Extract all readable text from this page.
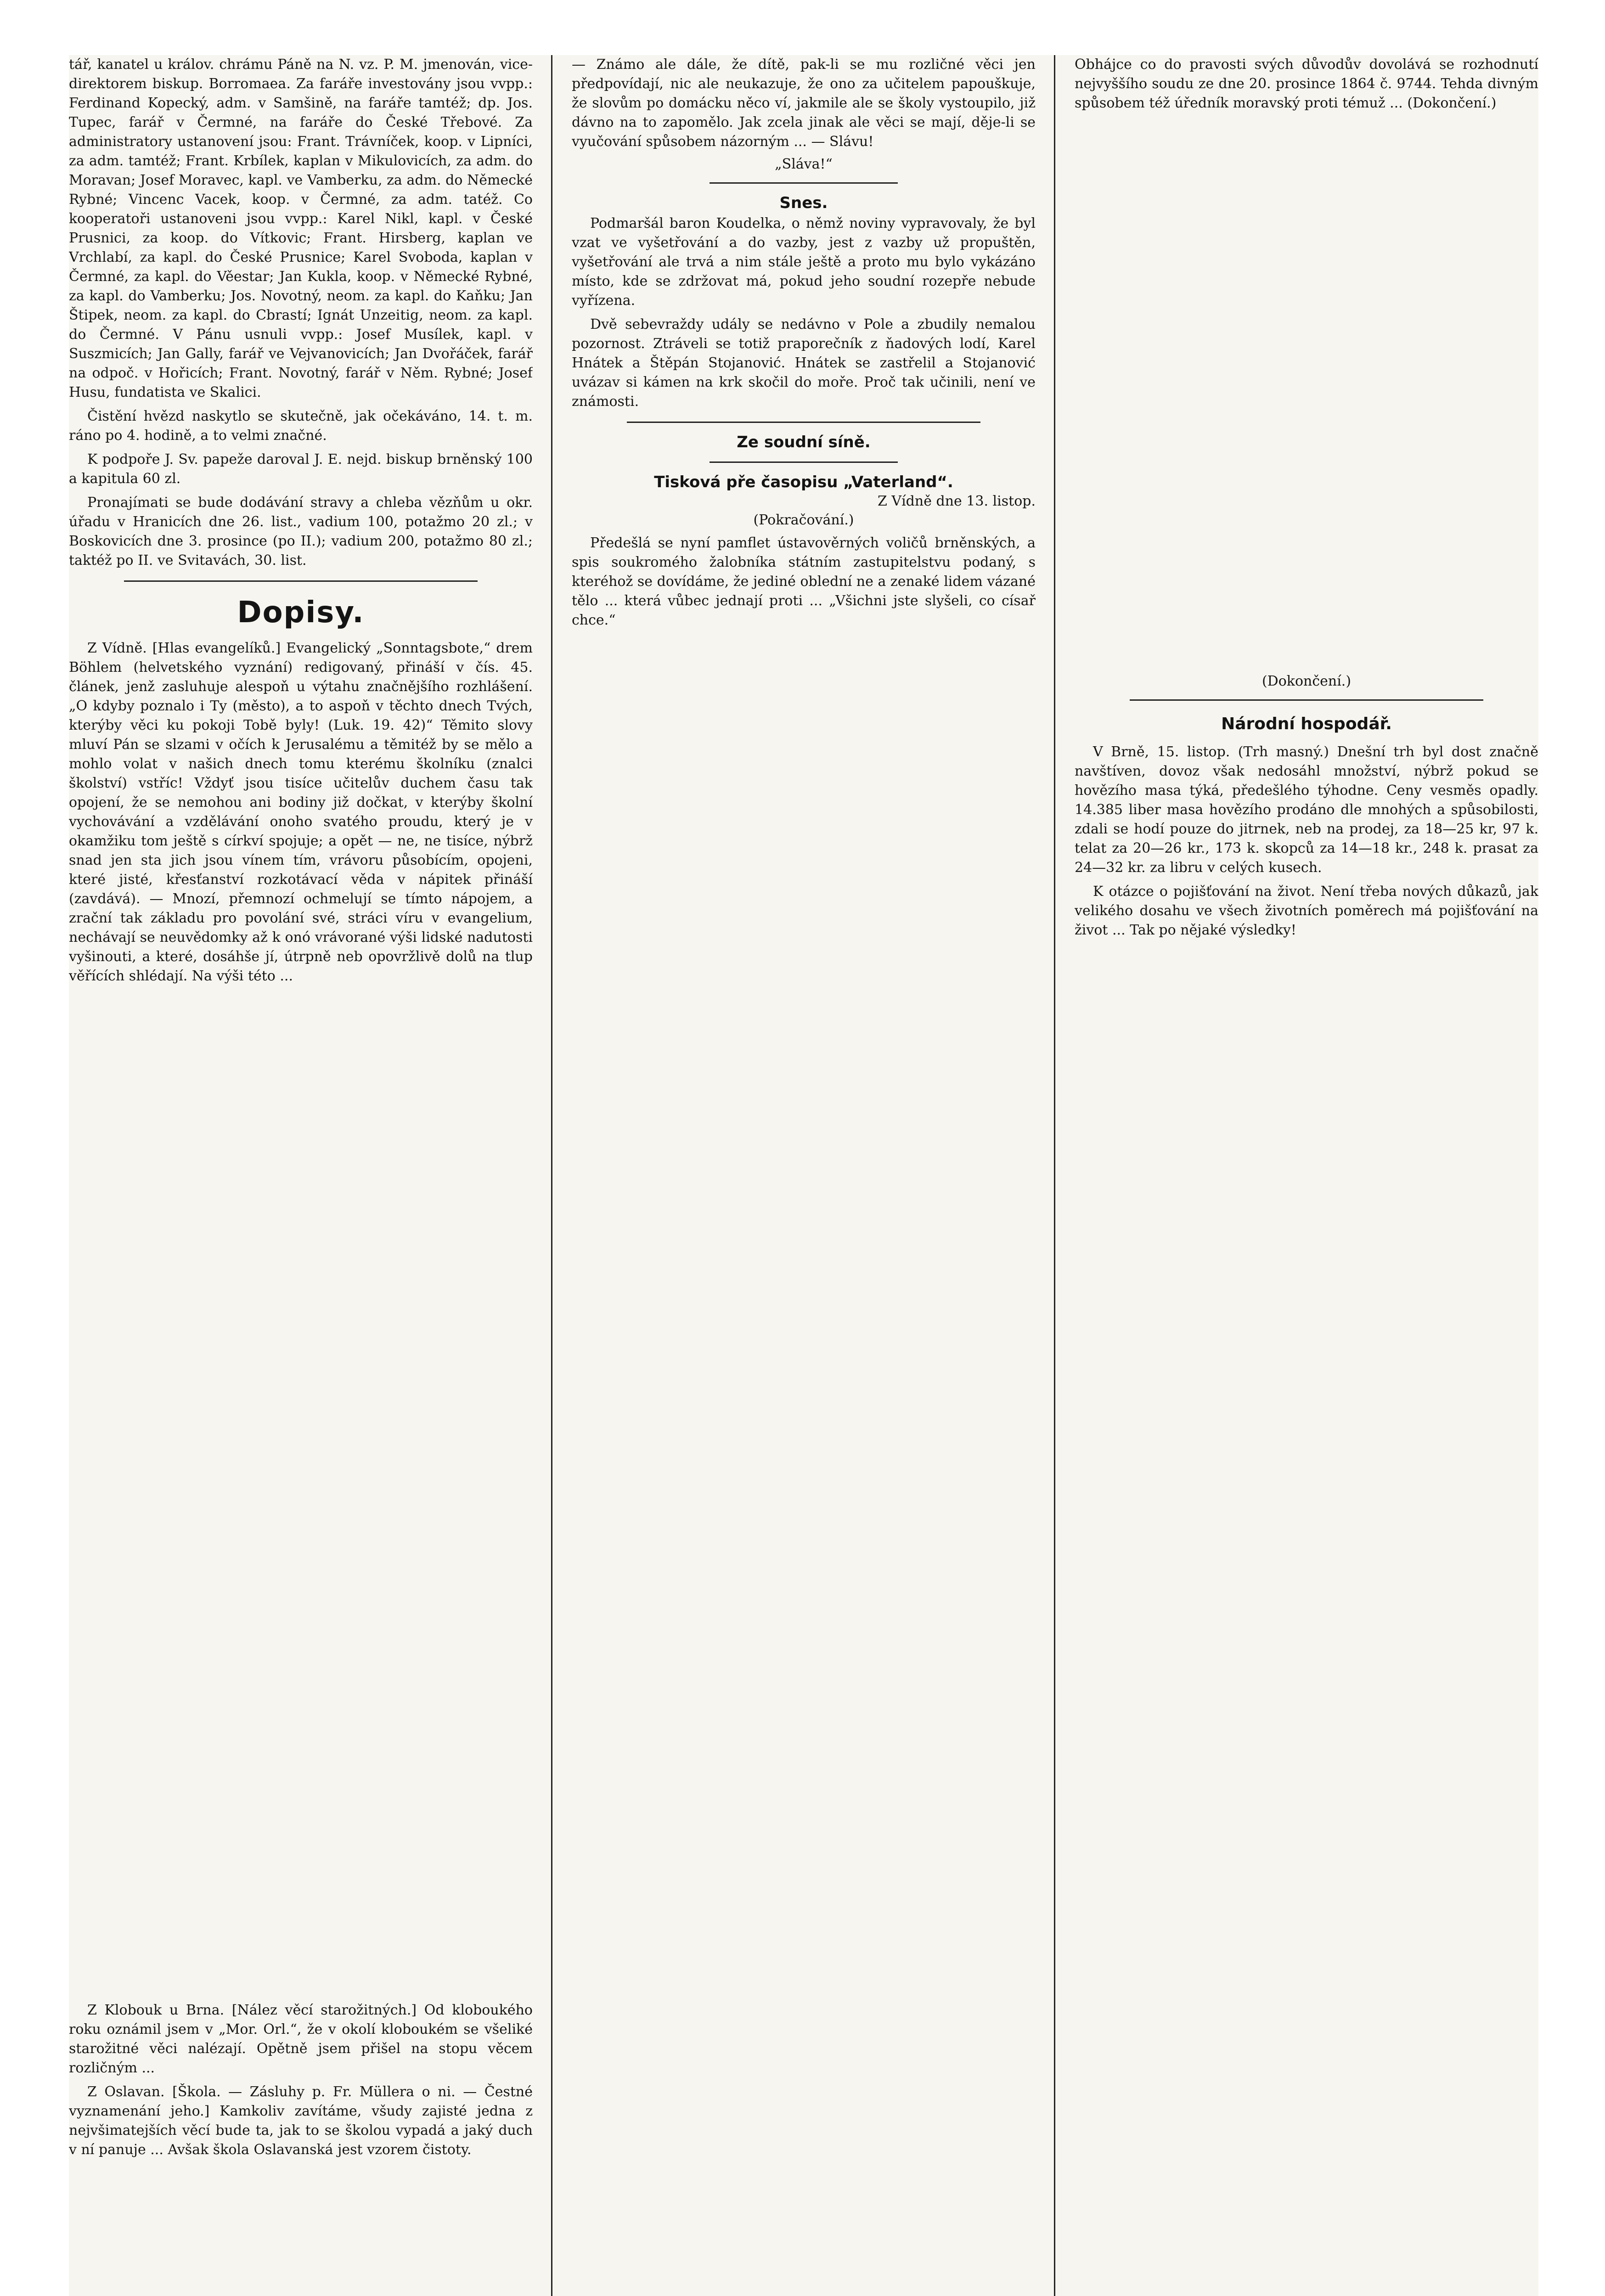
tář, kanatel u králov. chrámu Páně na N. vz. P. M. jmenován, vice-direktorem biskup. Borromaea. Za faráře investovány jsou vvpp.: Ferdinand Kopecký, adm. v Samšině, na faráře tamtéž; dp. Jos. Tupec, farář v Čermné, na faráře do České Třebové. Za administratory ustanovení jsou: Frant. Trávníček, koop. v Lipníci, za adm. tamtéž; Frant. Krbílek, kaplan v Mikulovicích, za adm. do Moravan; Josef Moravec, kapl. ve Vamberku, za adm. do Německé Rybné; Vincenc Vacek, koop. v Čermné, za adm. tatéž. Co kooperatoři ustanoveni jsou vvpp.: Karel Nikl, kapl. v České Prusnici, za koop. do Vítkovic; Frant. Hirsberg, kaplan ve Vrchlabí, za kapl. do České Prusnice; Karel Svoboda, kaplan v Čermné, za kapl. do Věestar; Jan Kukla, koop. v Německé Rybné, za kapl. do Vamberku; Jos. Novotný, neom. za kapl. do Kaňku; Jan Štipek, neom. za kapl. do Cbrastí; Ignát Unzeitig, neom. za kapl. do Čermné. V Pánu usnuli vvpp.: Josef Musílek, kapl. v Suszmicích; Jan Gally, farář ve Vejvanovicích; Jan Dvořáček, farář na odpoč. v Hořicích; Frant. Novotný, farář v Něm. Rybné; Josef Husu, fundatista ve Skalici.

Čistění hvězd naskytlo se skutečně, jak očekáváno, 14. t. m. ráno po 4. hodině, a to velmi značné.

K podpoře J. Sv. papeže daroval J. E. nejd. biskup brněnský 100 a kapitula 60 zl.

Pronajímati se bude dodávání stravy a chleba vězňům u okr. úřadu v Hranicích dne 26. list., vadium 100, potažmo 20 zl.; v Boskovicích dne 3. prosince (po II.); vadium 200, potažmo 80 zl.; taktéž po II. ve Svitavách, 30. list.

Dopisy.

Z Vídně. [Hlas evangelíků.] Evangelický „Sonntagsbote,“ drem Böhlem (helvetského vyznání) redigovaný, přináší v čís. 45. článek, jenž zasluhuje alespoň u výtahu značnějšího rozhlášení. „O kdyby poznalo i Ty (město), a to aspoň v těchto dnech Tvých, kterýby věci ku pokoji Tobě byly! (Luk. 19. 42)“ Těmito slovy mluví Pán se slzami v očích k Jerusalému a těmitéž by se mělo a mohlo volat v našich dnech tomu kterému školníku (znalci školství) vstříc! Vždyť jsou tisíce učitelův duchem času tak opojení, že se nemohou ani bodiny již dočkat, v kterýby školní vychovávání a vzdělávání onoho svatého proudu, který je v okamžiku tom ještě s církví spojuje; a opět — ne, ne tisíce, nýbrž snad jen sta jich jsou vínem tím, vrávoru působícím, opojeni, které jisté, křesťanství rozkotávací věda v nápitek přináší (zavdává). — Mnozí, přemnozí ochmelují se tímto nápojem, a zrační tak základu pro povolání své, stráci víru v evangelium, nechávají se neuvědomky až k onó vrávorané výši lidské nadutosti vyšinouti, a které, dosáhše jí, útrpně neb opovržlivě dolů na tlup věřících shlédají. Na výši této ...

Z Klobouk u Brna. [Nález věcí starožitných.] Od kloboukého roku oznámil jsem v „Mor. Orl.“, že v okolí kloboukém se všeliké starožitné věci nalézají. Opětně jsem přišel na stopu věcem rozličným ...

Z Oslavan. [Škola. — Zásluhy p. Fr. Müllera o ni. — Čestné vyznamenání jeho.] Kamkoliv zavítáme, všudy zajisté jedna z nejvšimatejších věcí bude ta, jak to se školou vypadá a jaký duch v ní panuje ... Avšak škola Oslavanská jest vzorem čistoty.

— Známo ale dále, že dítě, pak-li se mu rozličné věci jen předpovídají, nic ale neukazuje, že ono za učitelem papouškuje, že slovům po domácku něco ví, jakmile ale se školy vystoupilo, již dávno na to zapomělo. Jak zcela jinak ale věci se mají, děje-li se vyučování spůsobem názorným ... — Slávu!

„Sláva!“
Snes.

Podmaršál baron Koudelka, o němž noviny vypravovaly, že byl vzat ve vyšetřování a do vazby, jest z vazby už propuštěn, vyšetřování ale trvá a nim stále ještě a proto mu bylo vykázáno místo, kde se zdržovat má, pokud jeho soudní rozepře nebude vyřízena.

Dvě sebevraždy udály se nedávno v Pole a zbudily nemalou pozornost. Ztráveli se totiž praporečník z ňadových lodí, Karel Hnátek a Štěpán Stojanović. Hnátek se zastřelil a Stojanović uvázav si kámen na krk skočil do moře. Proč tak učinili, není ve známosti.

Ze soudní síně.
Tisková pře časopisu „Vaterland“.
Z Vídně dne 13. listop.
(Pokračování.)

Předešlá se nyní pamflet ústavověrných voličů brněnských, a spis soukromého žalobníka státním zastupitelstvu podaný, s kteréhož se dovídáme, že jediné oblední ne a zenaké lidem vázané tělo ... která vůbec jednají proti ... „Všichni jste slyšeli, co císař chce.“

Obhájce co do pravosti svých důvodův dovolává se rozhodnutí nejvyššího soudu ze dne 20. prosince 1864 č. 9744. Tehda divným spůsobem též úředník moravský proti témuž ... (Dokončení.)

(Dokončení.)
Národní hospodář.

V Brně, 15. listop. (Trh masný.) Dnešní trh byl dost značně navštíven, dovoz však nedosáhl množství, nýbrž pokud se hovězího masa týká, předešlého týhodne. Ceny vesměs opadly. 14.385 liber masa hovězího prodáno dle mnohých a spůsobilosti, zdali se hodí pouze do jitrnek, neb na prodej, za 18—25 kr, 97 k. telat za 20—26 kr., 173 k. skopců za 14—18 kr., 248 k. prasat za 24—32 kr. za libru v celých kusech.

K otázce o pojišťování na život. Není třeba nových důkazů, jak velikého dosahu ve všech životních poměrech má pojišťování na život ... Tak po nějaké výsledky!
